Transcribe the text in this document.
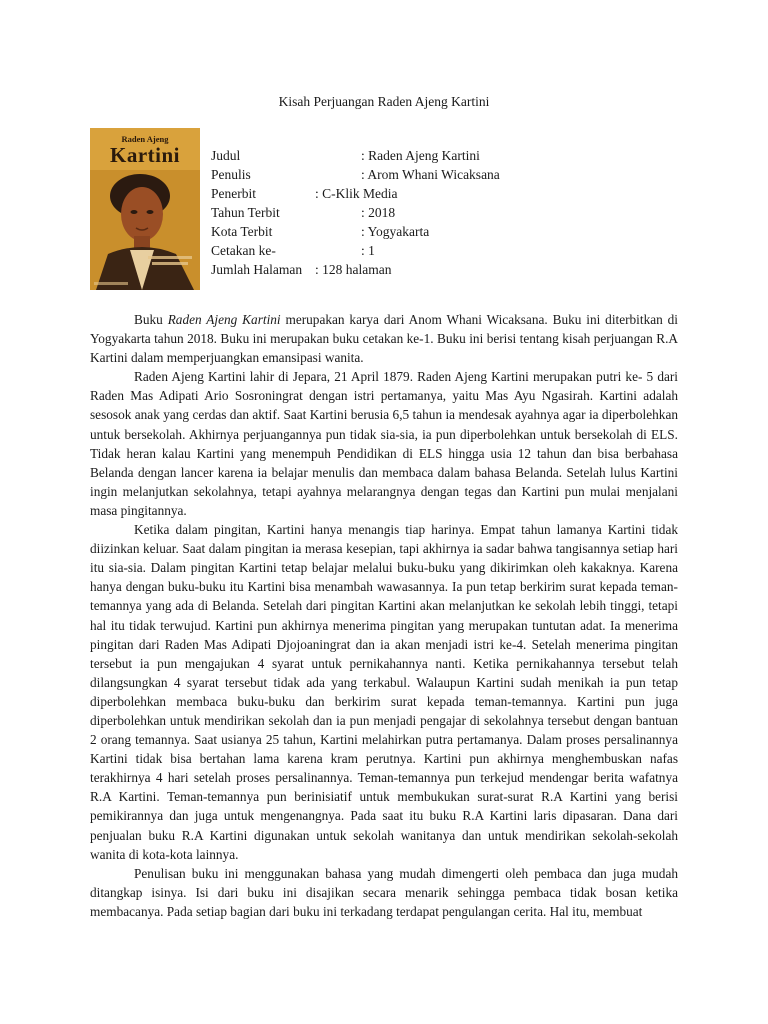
Kisah Perjuangan Raden Ajeng Kartini
Raden Ajeng
Kartini	Judul	: Raden Ajeng Kartini
Penulis	: Arom Whani Wicaksana
Penerbit	: C-Klik Media
Tahun Terbit	: 2018
Kota Terbit	: Yogyakarta
Cetakan ke-	: 1
Jumlah Halaman : 128 halaman

Buku Raden Ajeng Kartini merupakan karya dari Anom Whani Wicaksana. Buku ini diterbitkan di Yogyakarta tahun 2018. Buku ini merupakan buku cetakan ke-1. Buku ini berisi tentang kisah perjuangan R.A Kartini dalam memperjuangkan emansipasi wanita.

Raden Ajeng Kartini lahir di Jepara, 21 April 1879. Raden Ajeng Kartini merupakan putri ke- 5 dari Raden Mas Adipati Ario Sosroningrat dengan istri pertamanya, yaitu Mas Ayu Ngasirah. Kartini adalah sesosok anak yang cerdas dan aktif. Saat Kartini berusia 6,5 tahun ia mendesak ayahnya agar ia diperbolehkan untuk bersekolah. Akhirnya perjuangannya pun tidak sia-sia, ia pun diperbolehkan untuk bersekolah di ELS. Tidak heran kalau Kartini yang menempuh Pendidikan di ELS hingga usia 12 tahun dan bisa berbahasa Belanda dengan lancer karena ia belajar menulis dan membaca dalam bahasa Belanda. Setelah lulus Kartini ingin melanjutkan sekolahnya, tetapi ayahnya melarangnya dengan tegas dan Kartini pun mulai menjalani masa pingitannya.

Ketika dalam pingitan, Kartini hanya menangis tiap harinya. Empat tahun lamanya Kartini tidak diizinkan keluar. Saat dalam pingitan ia merasa kesepian, tapi akhirnya ia sadar bahwa tangisannya setiap hari itu sia-sia. Dalam pingitan Kartini tetap belajar melalui buku-buku yang dikirimkan oleh kakaknya. Karena hanya dengan buku-buku itu Kartini bisa menambah wawasannya. Ia pun tetap berkirim surat kepada teman-temannya yang ada di Belanda. Setelah dari pingitan Kartini akan melanjutkan ke sekolah lebih tinggi, tetapi hal itu tidak terwujud. Kartini pun akhirnya menerima pingitan yang merupakan tuntutan adat. Ia menerima pingitan dari Raden Mas Adipati Djojoaningrat dan ia akan menjadi istri ke-4. Setelah menerima pingitan tersebut ia pun mengajukan 4 syarat untuk pernikahannya nanti. Ketika pernikahannya tersebut telah dilangsungkan 4 syarat tersebut tidak ada yang terkabul. Walaupun Kartini sudah menikah ia pun tetap diperbolehkan membaca buku-buku dan berkirim surat kepada teman-temannya. Kartini pun juga diperbolehkan untuk mendirikan sekolah dan ia pun menjadi pengajar di sekolahnya tersebut dengan bantuan 2 orang temannya. Saat usianya 25 tahun, Kartini melahirkan putra pertamanya. Dalam proses persalinannya Kartini tidak bisa bertahan lama karena kram perutnya. Kartini pun akhirnya menghembuskan nafas terakhirnya 4 hari setelah proses persalinannya. Teman-temannya pun terkejud mendengar berita wafatnya R.A Kartini. Teman-temannya pun berinisiatif untuk membukukan surat-surat R.A Kartini yang berisi pemikirannya dan juga untuk mengenangnya. Pada saat itu buku R.A Kartini laris dipasaran. Dana dari penjualan buku R.A Kartini digunakan untuk sekolah wanitanya dan untuk mendirikan sekolah-sekolah wanita di kota-kota lainnya.

Penulisan buku ini menggunakan bahasa yang mudah dimengerti oleh pembaca dan juga mudah ditangkap isinya. Isi dari buku ini disajikan secara menarik sehingga pembaca tidak bosan ketika membacanya. Pada setiap bagian dari buku ini terkadang terdapat pengulangan cerita. Hal itu, membuat
